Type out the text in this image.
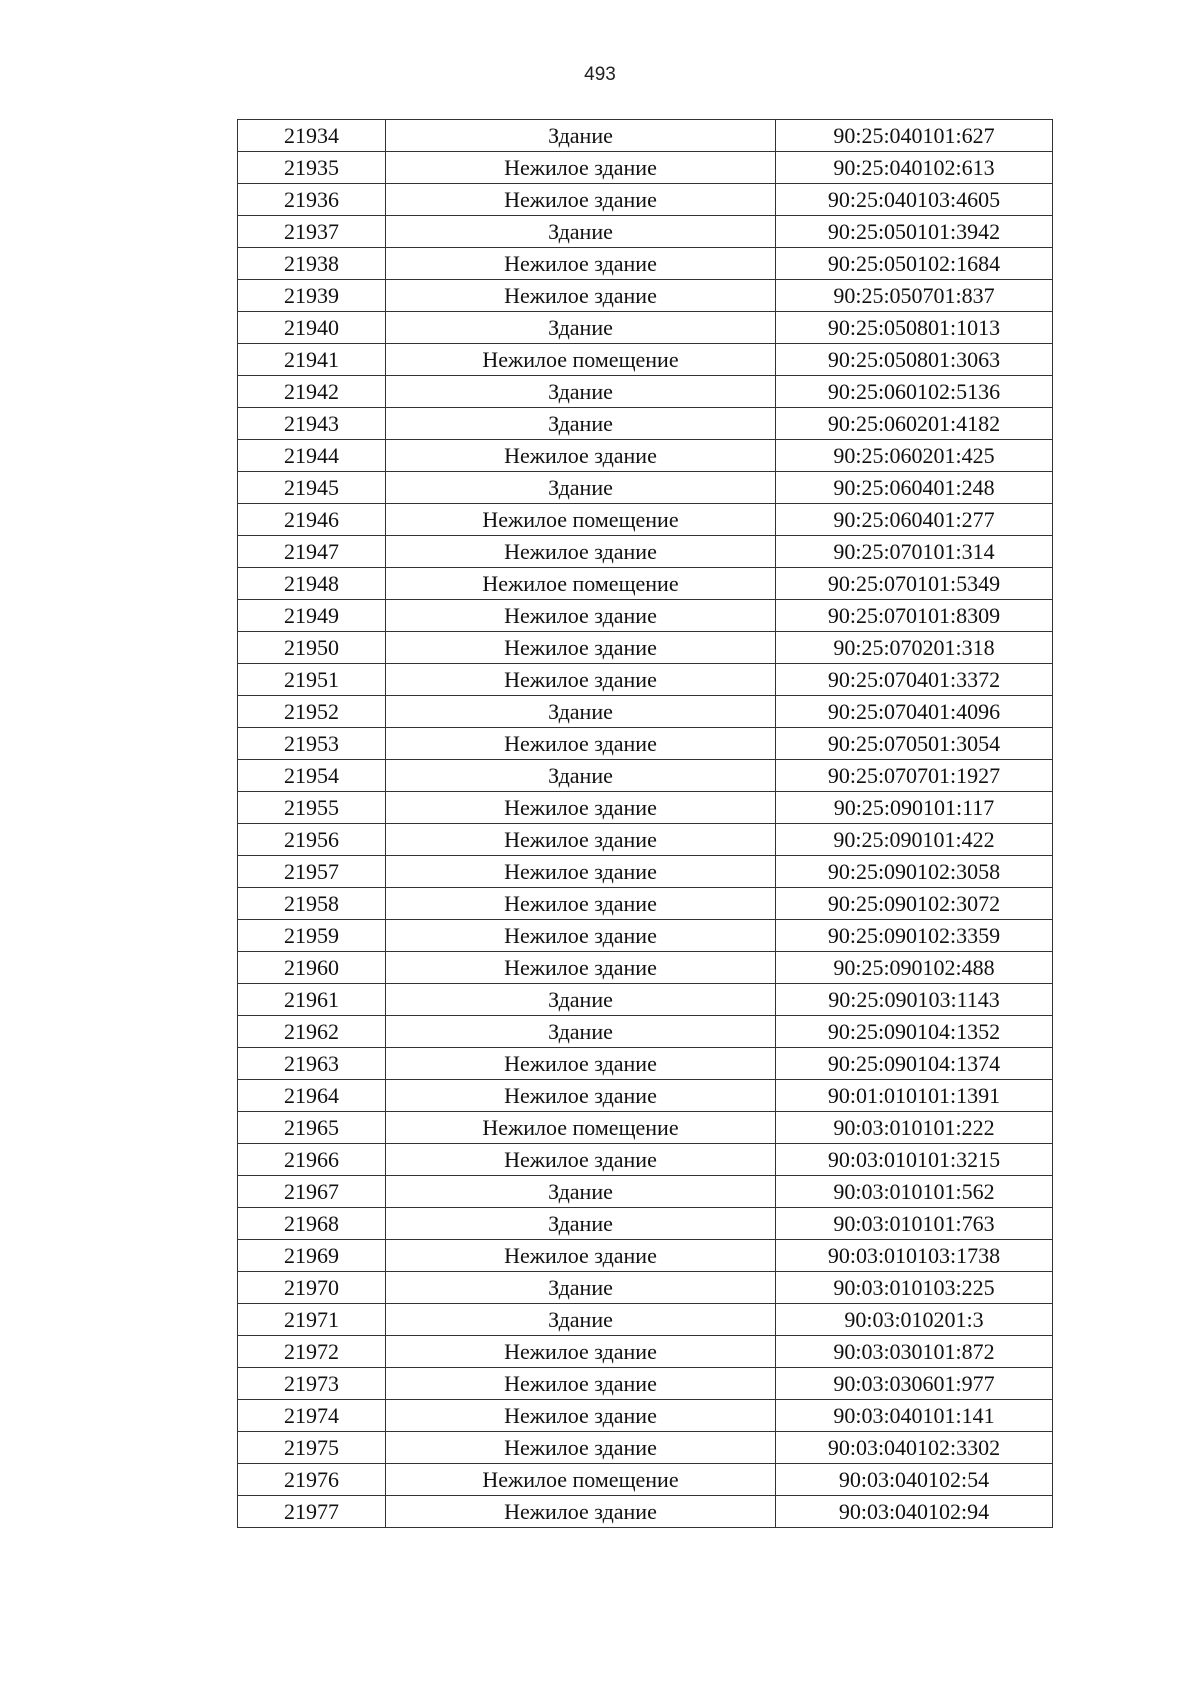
493
21934	Здание	90:25:040101:627
21935	Нежилое здание	90:25:040102:613
21936	Нежилое здание	90:25:040103:4605
21937	Здание	90:25:050101:3942
21938	Нежилое здание	90:25:050102:1684
21939	Нежилое здание	90:25:050701:837
21940	Здание	90:25:050801:1013
21941	Нежилое помещение	90:25:050801:3063
21942	Здание	90:25:060102:5136
21943	Здание	90:25:060201:4182
21944	Нежилое здание	90:25:060201:425
21945	Здание	90:25:060401:248
21946	Нежилое помещение	90:25:060401:277
21947	Нежилое здание	90:25:070101:314
21948	Нежилое помещение	90:25:070101:5349
21949	Нежилое здание	90:25:070101:8309
21950	Нежилое здание	90:25:070201:318
21951	Нежилое здание	90:25:070401:3372
21952	Здание	90:25:070401:4096
21953	Нежилое здание	90:25:070501:3054
21954	Здание	90:25:070701:1927
21955	Нежилое здание	90:25:090101:117
21956	Нежилое здание	90:25:090101:422
21957	Нежилое здание	90:25:090102:3058
21958	Нежилое здание	90:25:090102:3072
21959	Нежилое здание	90:25:090102:3359
21960	Нежилое здание	90:25:090102:488
21961	Здание	90:25:090103:1143
21962	Здание	90:25:090104:1352
21963	Нежилое здание	90:25:090104:1374
21964	Нежилое здание	90:01:010101:1391
21965	Нежилое помещение	90:03:010101:222
21966	Нежилое здание	90:03:010101:3215
21967	Здание	90:03:010101:562
21968	Здание	90:03:010101:763
21969	Нежилое здание	90:03:010103:1738
21970	Здание	90:03:010103:225
21971	Здание	90:03:010201:3
21972	Нежилое здание	90:03:030101:872
21973	Нежилое здание	90:03:030601:977
21974	Нежилое здание	90:03:040101:141
21975	Нежилое здание	90:03:040102:3302
21976	Нежилое помещение	90:03:040102:54
21977	Нежилое здание	90:03:040102:94
